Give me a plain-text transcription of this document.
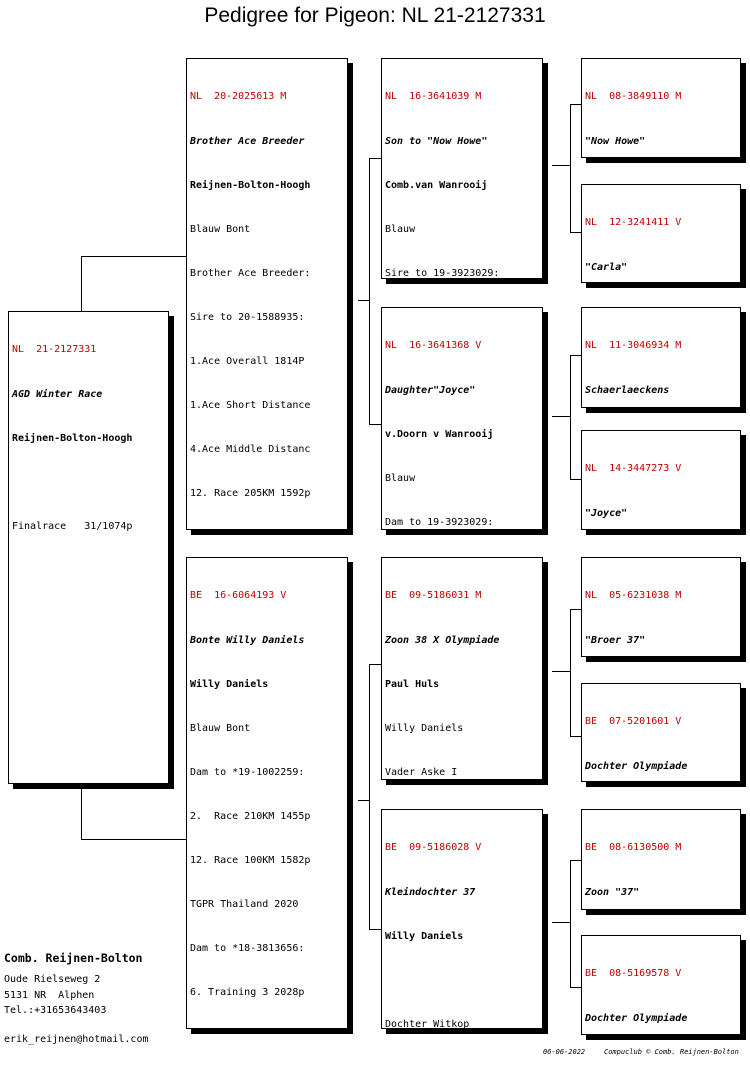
Pedigree for Pigeon: NL 21-2127331

NL  21-2127331

AGD Winter Race

Reijnen-Bolton-Hoogh

Finalrace   31/1074p

NL  20-2025613 M

Brother Ace Breeder

Reijnen-Bolton-Hoogh

Blauw Bont

Brother Ace Breeder:

Sire to 20-1588935:

1.Ace Overall 1814P

1.Ace Short Distance

4.Ace Middle Distanc

12. Race 205KM 1592p

BE  16-6064193 V

Bonte Willy Daniels

Willy Daniels

Blauw Bont

Dam to *19-1002259:

2.  Race 210KM 1455p

12. Race 100KM 1582p

TGPR Thailand 2020

Dam to *18-3813656:

6. Training 3 2028p

NL  16-3641039 M

Son to "Now Howe"

Comb.van Wanrooij

Blauw

Sire to 19-3923029:

NL  16-3641368 V

Daughter"Joyce"

v.Doorn v Wanrooij

Blauw

Dam to 19-3923029:

BE  09-5186031 M

Zoon 38 X Olympiade

Paul Huls

Willy Daniels

Vader Aske I

BE  09-5186028 V

Kleindochter 37

Willy Daniels

Dochter Witkop

NL  08-3849110 M

"Now Howe"

NL  12-3241411 V

"Carla"

NL  11-3046934 M

Schaerlaeckens

NL  14-3447273 V

"Joyce"

NL  05-6231038 M

"Broer 37"

BE  07-5201601 V

Dochter Olympiade

BE  08-6130500 M

Zoon "37"

BE  08-5169578 V

Dochter Olympiade

Comb. Reijnen-Bolton
Oude Rielseweg 2
5131 NR  Alphen
Tel.:+31653643403
erik_reijnen@hotmail.com
06-06-2022	Compuclub © Comb. Reijnen-Bolton
